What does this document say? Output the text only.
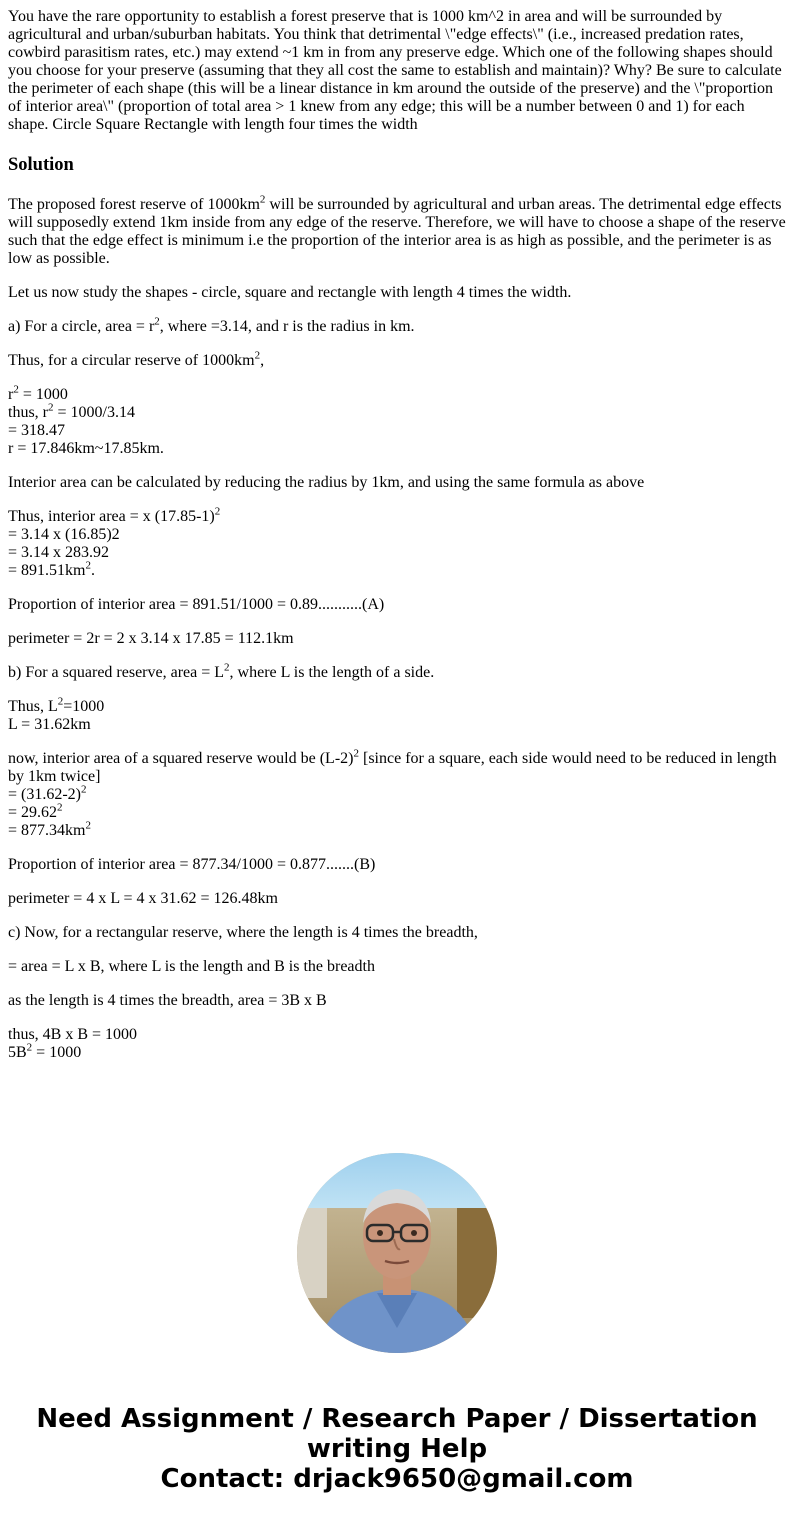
You have the rare opportunity to establish a forest preserve that is 1000 km^2 in area and will be surrounded by agricultural and urban/suburban habitats. You think that detrimental \"edge effects\" (i.e., increased predation rates, cowbird parasitism rates, etc.) may extend ~1 km in from any preserve edge. Which one of the following shapes should you choose for your preserve (assuming that they all cost the same to establish and maintain)? Why? Be sure to calculate the perimeter of each shape (this will be a linear distance in km around the outside of the preserve) and the \"proportion of interior area\" (proportion of total area > 1 knew from any edge; this will be a number between 0 and 1) for each shape. Circle Square Rectangle with length four times the width

Solution

The proposed forest reserve of $1000km^2$ will be surrounded by agricultural and urban areas. The detrimental edge effects will supposedly extend 1km inside from any edge of the reserve. Therefore, we will have to choose a shape of the reserve such that the edge effect is minimum i.e the proportion of the interior area is as high as possible, and the perimeter is as low as possible.

Let us now study the shapes - circle, square and rectangle with length 4 times the width.

a) For a circle, area = $r^2$, where =3.14, and r is the radius in km.

Thus, for a circular reserve of $1000km^2$,

$r^2 = 1000$
thus, $r^2 = 1000/3.14$
= 318.47
r = 17.846km~17.85km.

Interior area can be calculated by reducing the radius by 1km, and using the same formula as above

Thus, interior area = x $(17.85-1)^2$
= 3.14 x (16.85)2
= 3.14 x 283.92
= $891.51km^2$.

Proportion of interior area = 891.51/1000 = 0.89...........(A)

perimeter = 2r = 2 x 3.14 x 17.85 = 112.1km

b) For a squared reserve, area = $L^2$, where L is the length of a side.

Thus, $L^2=1000$
L = 31.62km

now, interior area of a squared reserve would be $(L-2)^2$ [since for a square, each side would need to be reduced in length by 1km twice]
= $(31.62-2)^2$
= $29.62^2$
= $877.34km^2$

Proportion of interior area = 877.34/1000 = 0.877.......(B)

perimeter = 4 x L = 4 x 31.62 = 126.48km

c) Now, for a rectangular reserve, where the length is 4 times the breadth,

= area = L x B, where L is the length and B is the breadth

as the length is 4 times the breadth, area = 3B x B

thus, 4B x B = 1000
$5B^2 = 1000$

Need Assignment / Research Paper / Dissertation
writing Help
Contact: drjack9650@gmail.com
